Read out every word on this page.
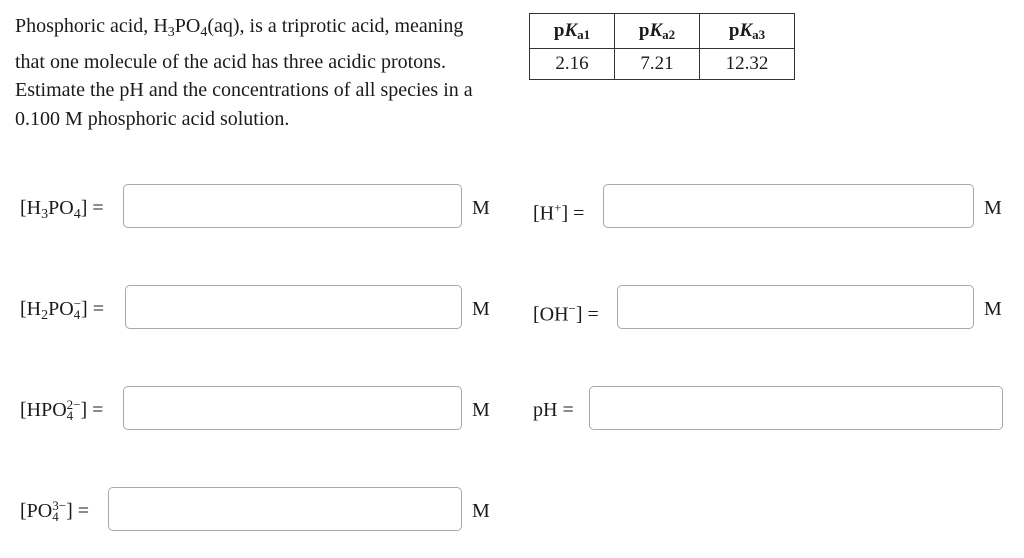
Phosphoric acid, $H_3PO_4(aq)$, is a triprotic acid, meaning that one molecule of the acid has three acidic protons. Estimate the pH and the concentrations of all species in a 0.100 M phosphoric acid solution.
pKa1	pKa2	pKa3
2.16	7.21	12.32
$[H_3PO_4]$ =	M
[$H_2PO$ −
4 ] =	M
[HPO 2−
4 ] =	M
[PO 3−
4 ] =	M
[H+] =	M
[OH−] =	M
pH =
